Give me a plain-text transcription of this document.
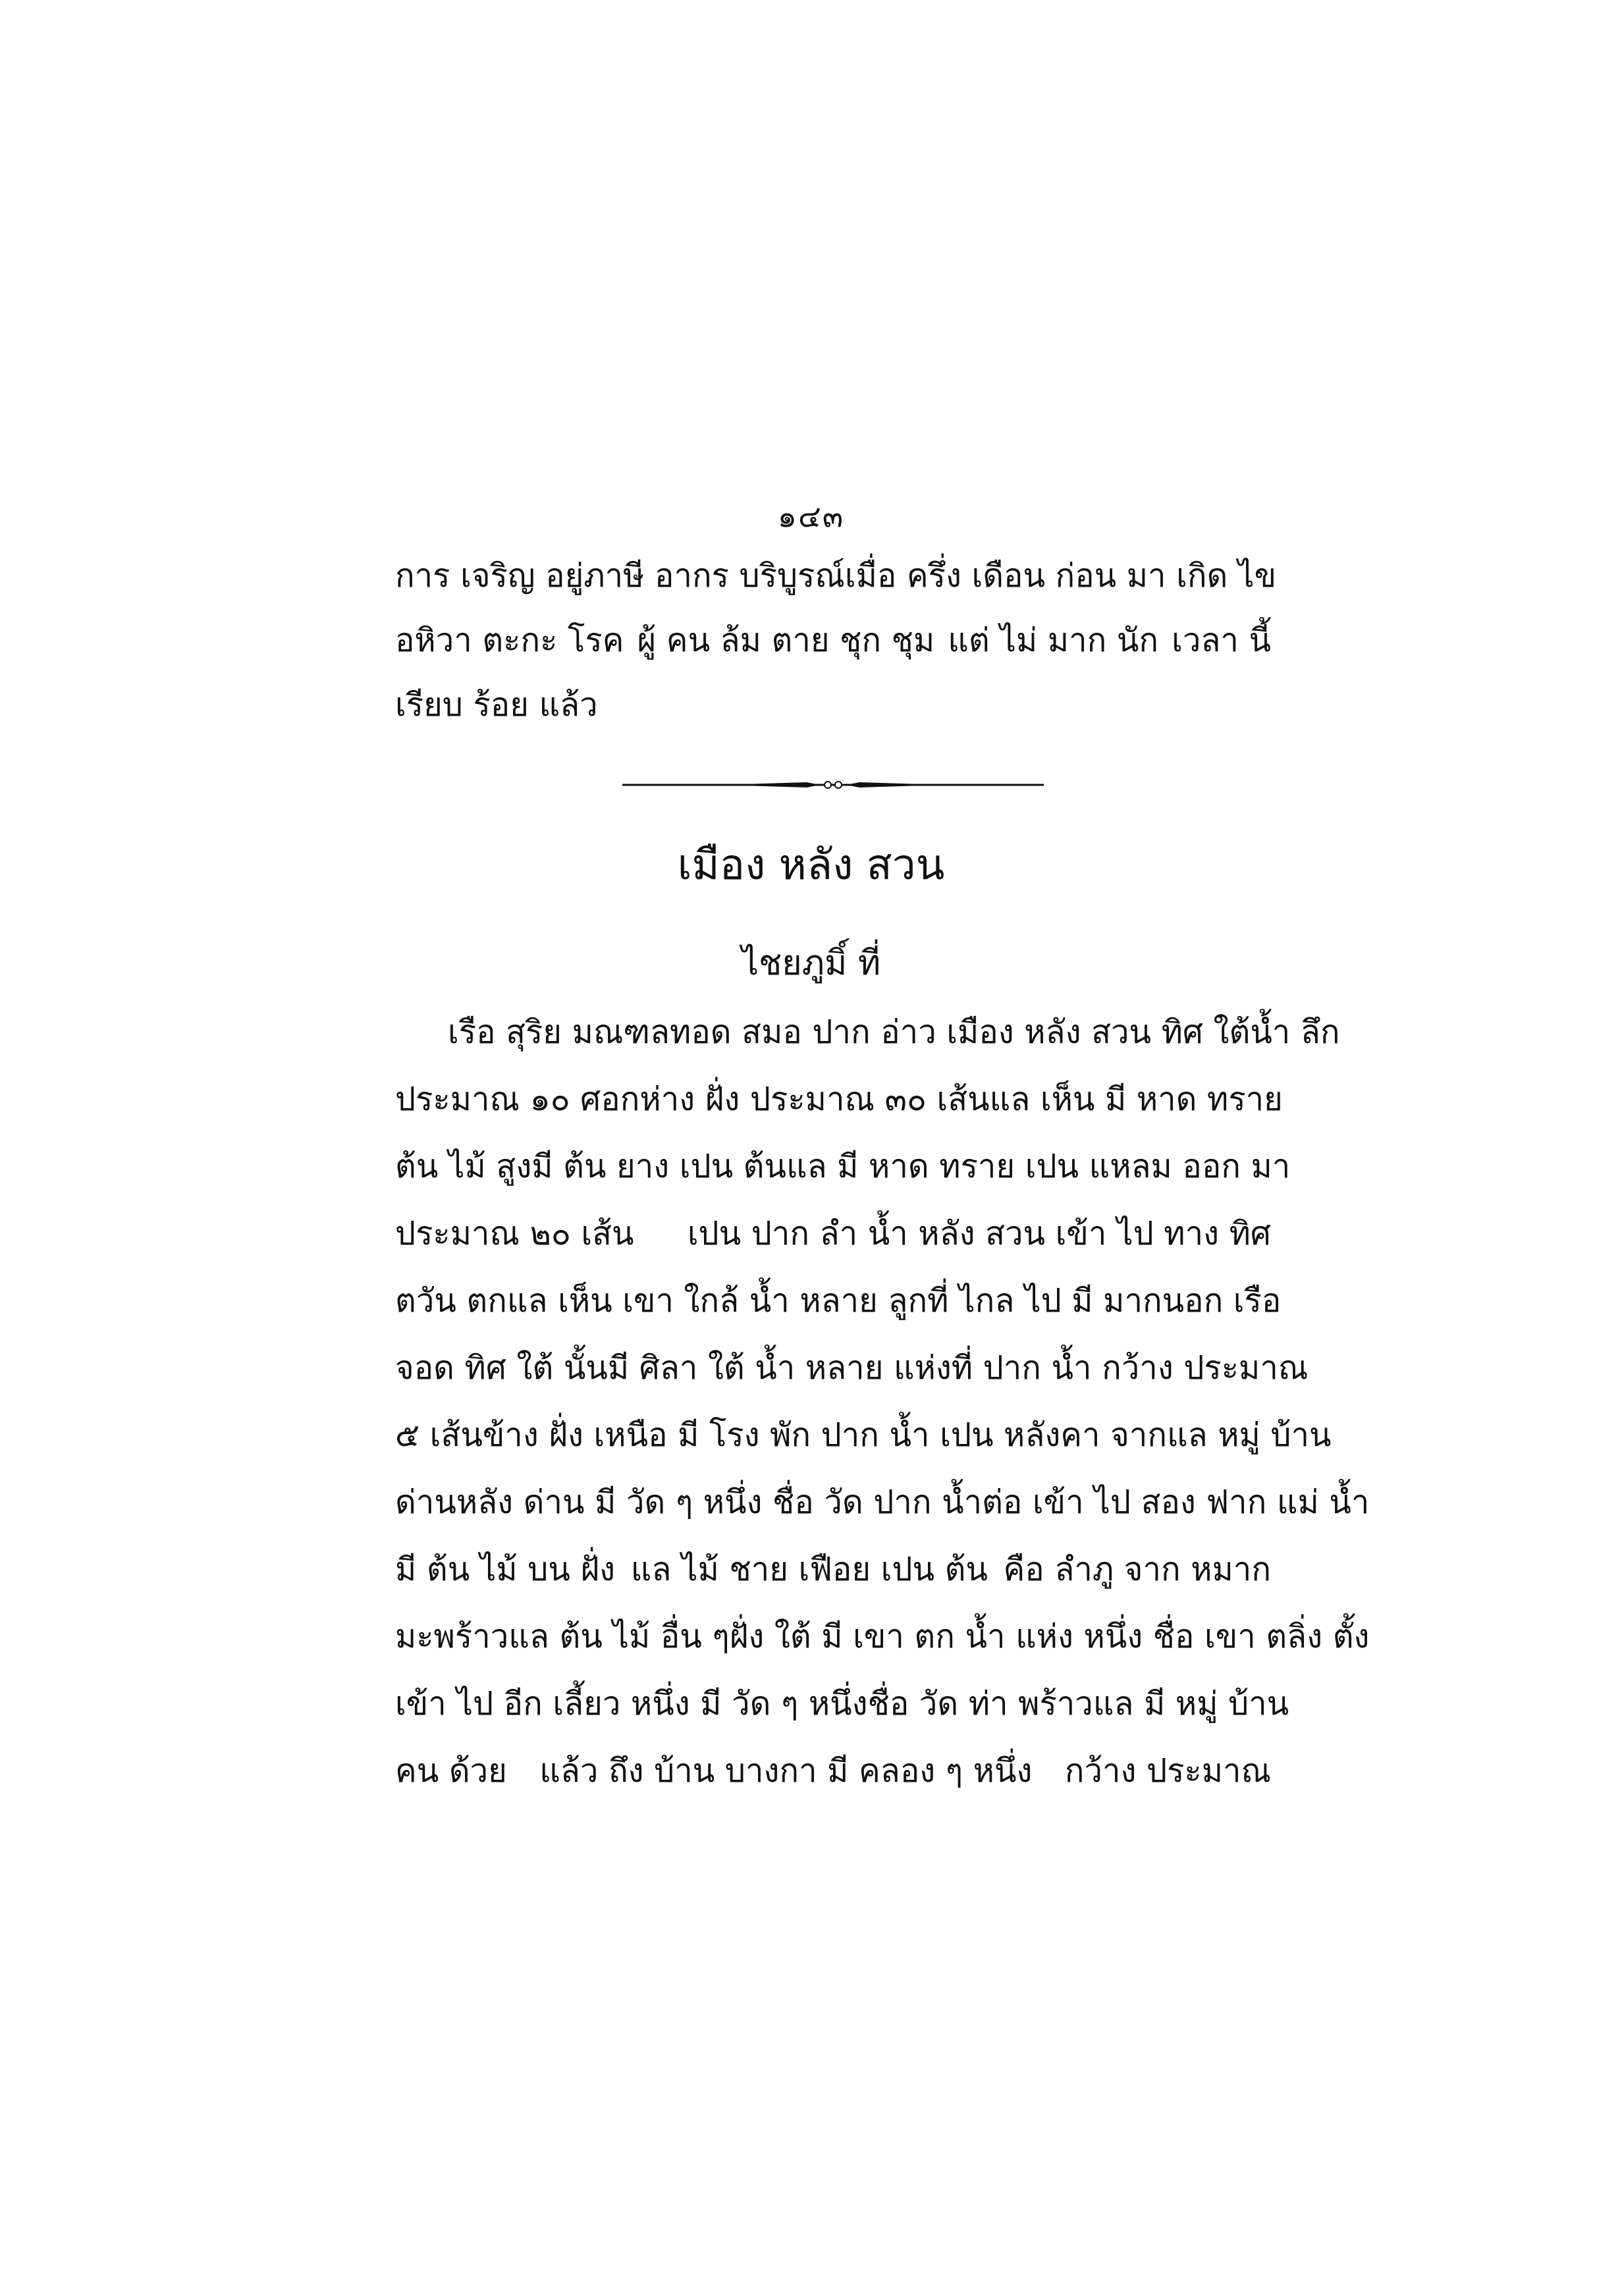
๑๔๓
การ เจริญ อยู่ ภาษี อากร บริบูรณ์ เมื่อ ครึ่ง เดือน ก่อน มา เกิด ไข
อหิวา ตะกะ โรค ผู้ คน ล้ม ตาย ชุก ชุม แต่ ไม่ มาก นัก เวลา นี้
เรียบ ร้อย แล้ว
เมือง หลัง สวน
ไชยภูมิ์ ที่
เรือ สุริย มณฑล ทอด สมอ ปาก อ่าว เมือง หลัง สวน ทิศ ใต้ น้ำ ลึก
ประมาณ ๑๐ ศอก ห่าง ฝั่ง ประมาณ ๓๐ เส้น แล เห็น มี หาด ทราย
ต้น ไม้ สูง มี ต้น ยาง เปน ต้น แล มี หาด ทราย เปน แหลม ออก มา
ประมาณ ๒๐ เส้น เปน ปาก ลำ น้ำ หลัง สวน เข้า ไป ทาง ทิศ
ตวัน ตก แล เห็น เขา ใกล้ น้ำ หลาย ลูก ที่ ไกล ไป มี มาก นอก เรือ
จอด ทิศ ใต้ นั้น มี ศิลา ใต้ น้ำ หลาย แห่ง ที่ ปาก น้ำ กว้าง ประมาณ
๕ เส้น ข้าง ฝั่ง เหนือ มี โรง พัก ปาก น้ำ เปน หลังคา จาก แล หมู่ บ้าน
ด่าน หลัง ด่าน มี วัด ๆ หนึ่ง ชื่อ วัด ปาก น้ำ ต่อ เข้า ไป สอง ฟาก แม่ น้ำ
มี ต้น ไม้ บน ฝั่ง แล ไม้ ชาย เฟือย เปน ต้น คือ ลำภู จาก หมาก
มะพร้าว แล ต้น ไม้ อื่น ๆ ฝั่ง ใต้ มี เขา ตก น้ำ แห่ง หนึ่ง ชื่อ เขา ตลิ่ง ตั้ง
เข้า ไป อีก เลี้ยว หนึ่ง มี วัด ๆ หนึ่ง ชื่อ วัด ท่า พร้าว แล มี หมู่ บ้าน
คน ด้วย แล้ว ถึง บ้าน บางกา มี คลอง ๆ หนึ่ง กว้าง ประมาณ
